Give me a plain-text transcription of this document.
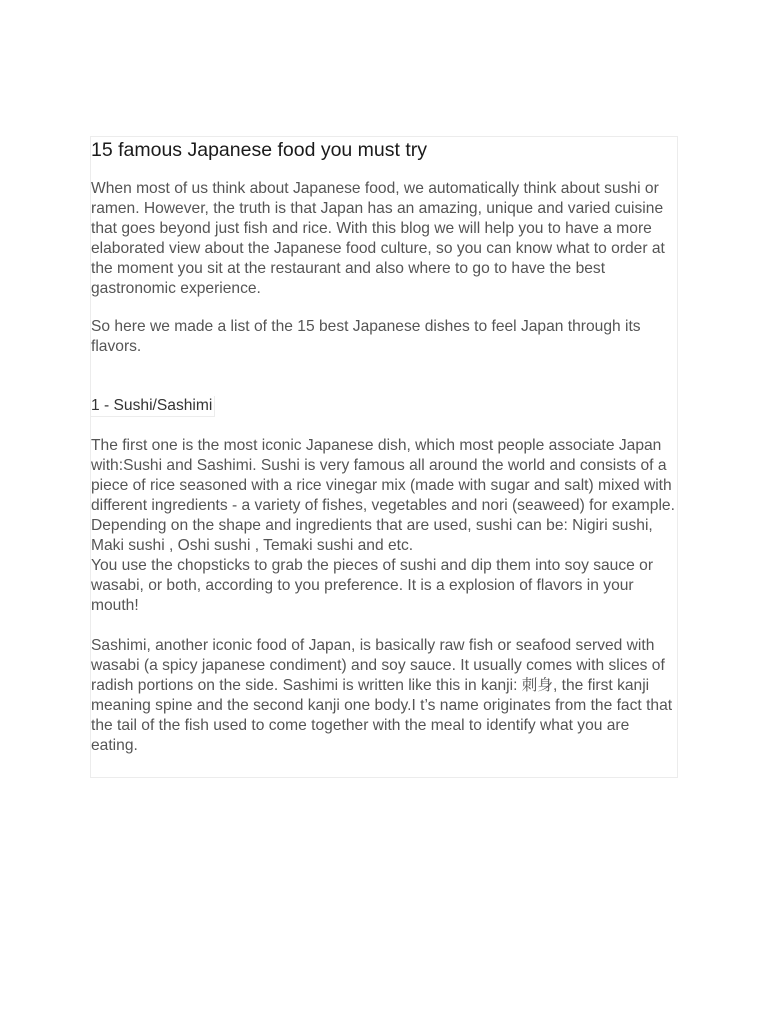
15 famous Japanese food you must try

When most of us think about Japanese food, we automatically think about sushi or ramen. However, the truth is that Japan has an amazing, unique and varied cuisine that goes beyond just fish and rice. With this blog we will help you to have a more elaborated view about the Japanese food culture, so you can know what to order at the moment you sit at the restaurant and also where to go to have the best gastronomic experience.

So here we made a list of the 15 best Japanese dishes to feel Japan through its flavors.

1 - Sushi/Sashimi

The first one is the most iconic Japanese dish, which most people associate Japan with:Sushi and Sashimi. Sushi is very famous all around the world and consists of a piece of rice seasoned with a rice vinegar mix (made with sugar and salt) mixed with different ingredients - a variety of fishes, vegetables and nori (seaweed) for example. Depending on the shape and ingredients that are used, sushi can be: Nigiri sushi, Maki sushi , Oshi sushi , Temaki sushi and etc.

You use the chopsticks to grab the pieces of sushi and dip them into soy sauce or wasabi, or both, according to you preference. It is a explosion of flavors in your mouth!

Sashimi, another iconic food of Japan, is basically raw fish or seafood served with wasabi (a spicy japanese condiment) and soy sauce. It usually comes with slices of radish portions on the side. Sashimi is written like this in kanji: 刺身, the first kanji meaning spine and the second kanji one body.I t’s name originates from the fact that the tail of the fish used to come together with the meal to identify what you are eating.
